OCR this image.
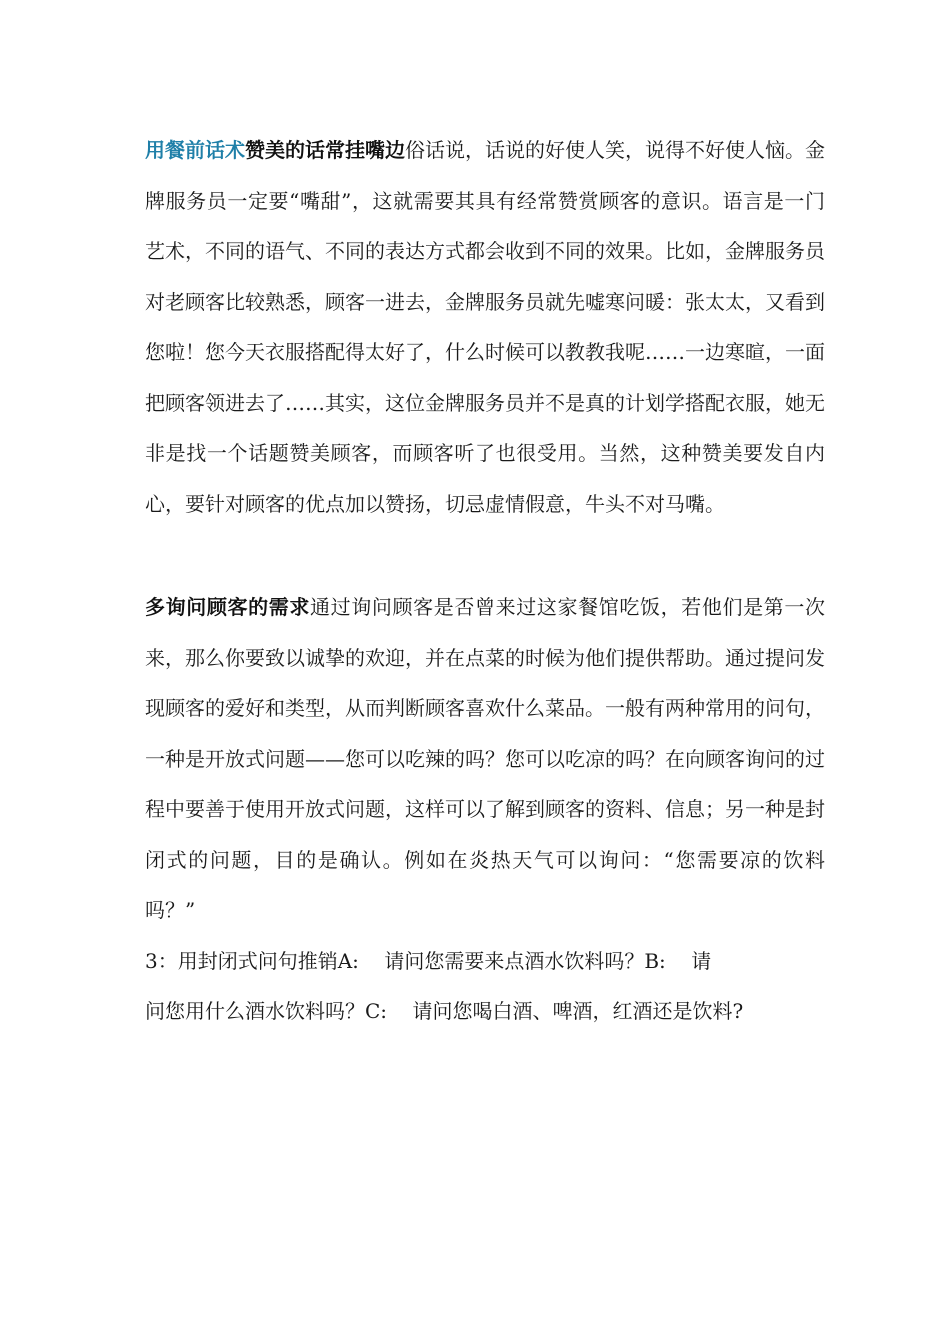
用餐前话术赞美的话常挂嘴边俗话说，话说的好使人笑，说得不好使人恼。金牌服务员一定要“嘴甜”，这就需要其具有经常赞赏顾客的意识。语言是一门艺术，不同的语气、不同的表达方式都会收到不同的效果。比如，金牌服务员对老顾客比较熟悉，顾客一进去，金牌服务员就先嘘寒问暖：张太太，又看到您啦！您今天衣服搭配得太好了，什么时候可以教教我呢……一边寒暄，一面把顾客领进去了……其实，这位金牌服务员并不是真的计划学搭配衣服，她无非是找一个话题赞美顾客，而顾客听了也很受用。当然，这种赞美要发自内心，要针对顾客的优点加以赞扬，切忌虚情假意，牛头不对马嘴。

多询问顾客的需求通过询问顾客是否曾来过这家餐馆吃饭，若他们是第一次来，那么你要致以诚挚的欢迎，并在点菜的时候为他们提供帮助。通过提问发现顾客的爱好和类型，从而判断顾客喜欢什么菜品。一般有两种常用的问句，一种是开放式问题——您可以吃辣的吗？您可以吃凉的吗？在向顾客询问的过程中要善于使用开放式问题，这样可以了解到顾客的资料、信息；另一种是封闭式的问题，目的是确认。例如在炎热天气可以询问：“您需要凉的饮料吗？”
3：用封闭式问句推销A:    请问您需要来点酒水饮料吗？B:    请
问您用什么酒水饮料吗？C:    请问您喝白酒、啤酒，红酒还是饮料?
